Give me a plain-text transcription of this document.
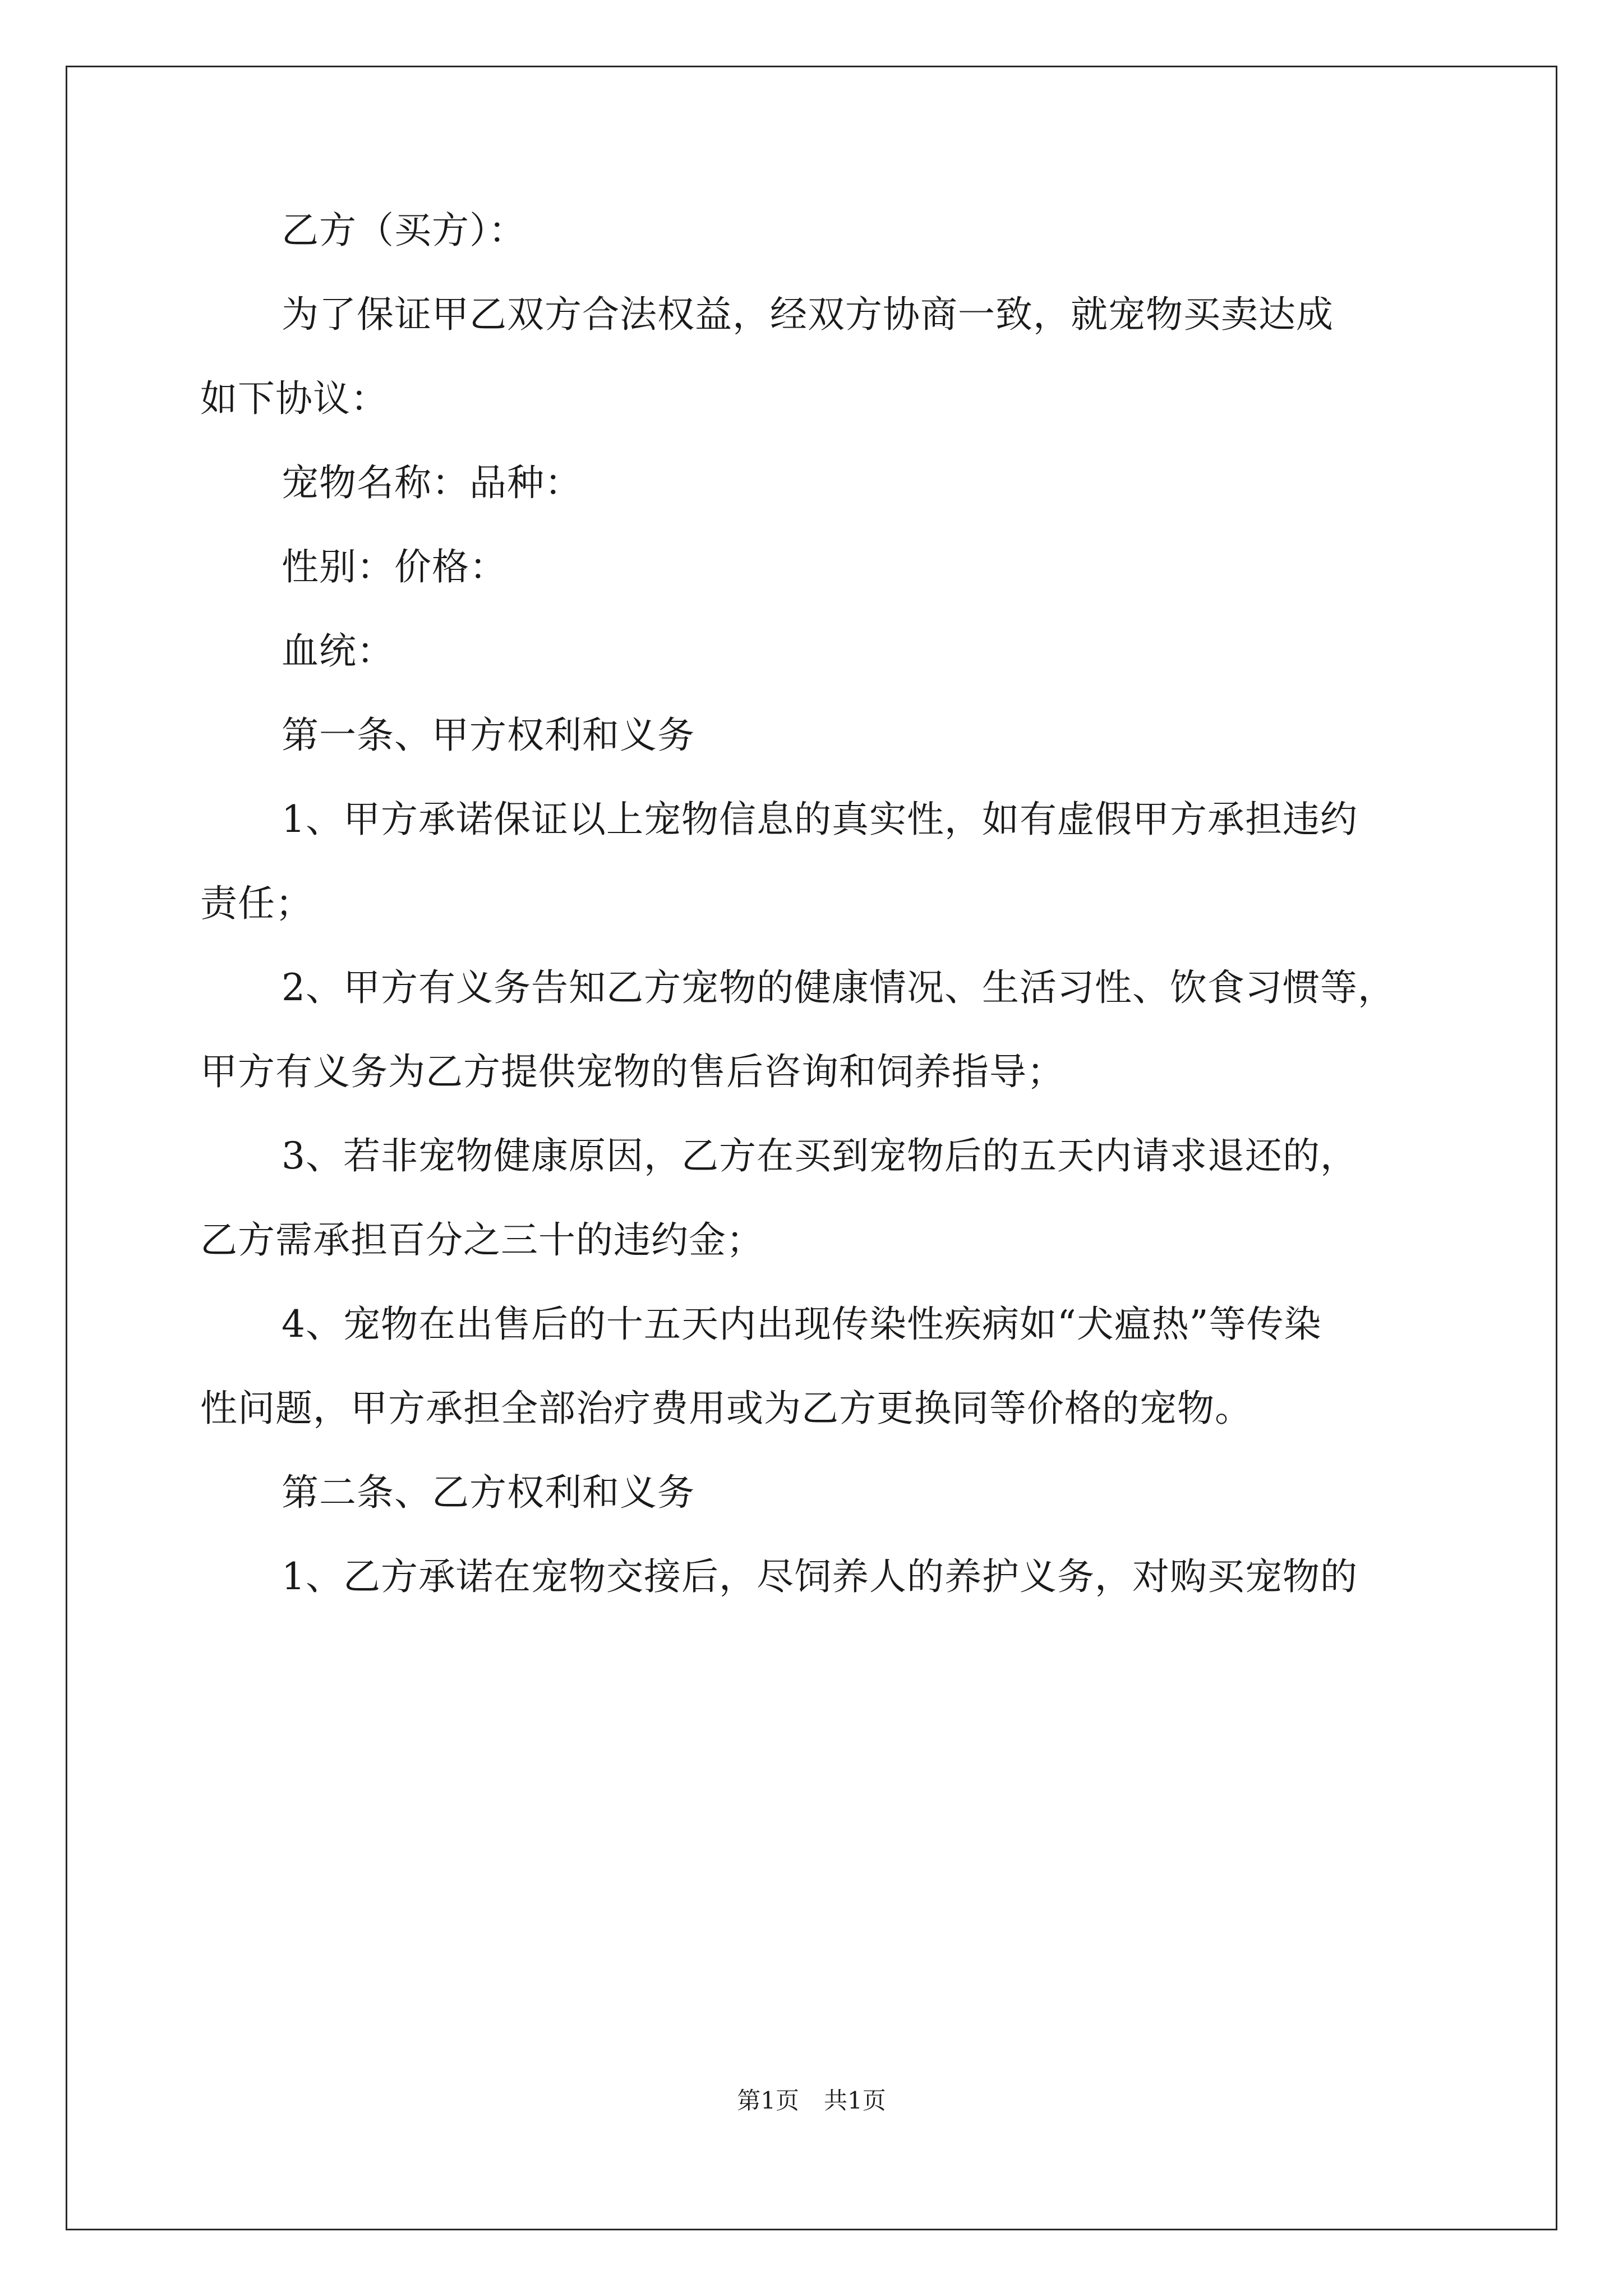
乙方（买方）：
为了保证甲乙双方合法权益，经双方协商一致，就宠物买卖达成
如下协议：
宠物名称：品种：
性别：价格：
血统：
第一条、甲方权利和义务
1、甲方承诺保证以上宠物信息的真实性，如有虚假甲方承担违约
责任；
2、甲方有义务告知乙方宠物的健康情况、生活习性、饮食习惯等，
甲方有义务为乙方提供宠物的售后咨询和饲养指导；
3、若非宠物健康原因，乙方在买到宠物后的五天内请求退还的，
乙方需承担百分之三十的违约金；
4、宠物在出售后的十五天内出现传染性疾病如“犬瘟热”等传染
性问题，甲方承担全部治疗费用或为乙方更换同等价格的宠物。
第二条、乙方权利和义务
1、乙方承诺在宠物交接后，尽饲养人的养护义务，对购买宠物的
第1页 共1页
